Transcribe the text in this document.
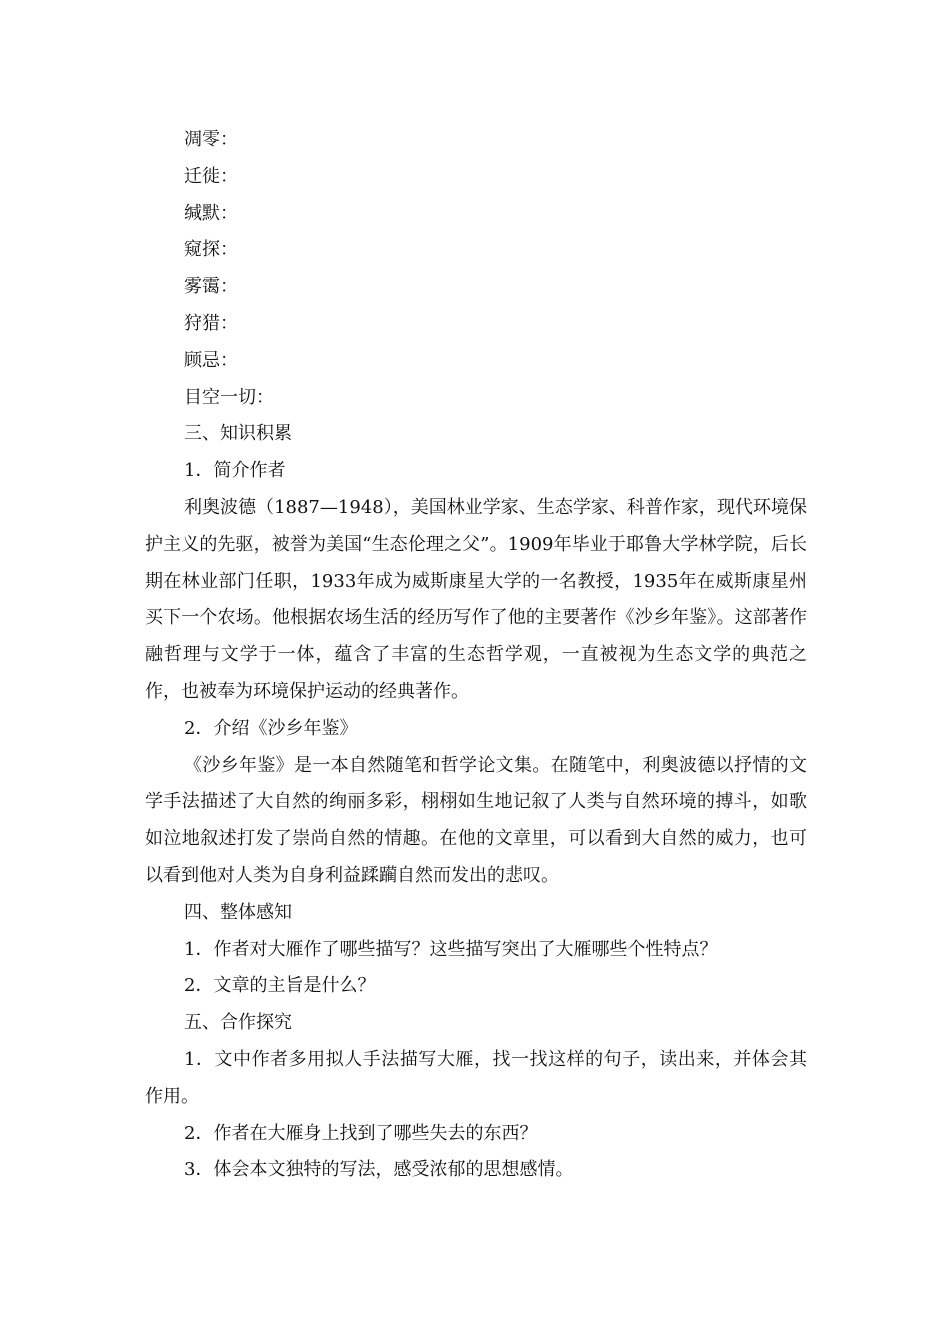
凋零：

迁徙：

缄默：

窥探：

雾霭：

狩猎：

顾忌：

目空一切：

三、知识积累

1．简介作者

利奥波德（1887—1948），美国林业学家、生态学家、科普作家，现代环境保护主义的先驱，被誉为美国“生态伦理之父”。1909年毕业于耶鲁大学林学院，后长期在林业部门任职，1933年成为威斯康星大学的一名教授，1935年在威斯康星州买下一个农场。他根据农场生活的经历写作了他的主要著作《沙乡年鉴》。这部著作融哲理与文学于一体，蕴含了丰富的生态哲学观，一直被视为生态文学的典范之作，也被奉为环境保护运动的经典著作。

2．介绍《沙乡年鉴》

《沙乡年鉴》是一本自然随笔和哲学论文集。在随笔中，利奥波德以抒情的文学手法描述了大自然的绚丽多彩，栩栩如生地记叙了人类与自然环境的搏斗，如歌如泣地叙述打发了崇尚自然的情趣。在他的文章里，可以看到大自然的威力，也可以看到他对人类为自身利益蹂躏自然而发出的悲叹。

四、整体感知

1．作者对大雁作了哪些描写？这些描写突出了大雁哪些个性特点？

2．文章的主旨是什么？

五、合作探究

1．文中作者多用拟人手法描写大雁，找一找这样的句子，读出来，并体会其作用。

2．作者在大雁身上找到了哪些失去的东西？

3．体会本文独特的写法，感受浓郁的思想感情。
